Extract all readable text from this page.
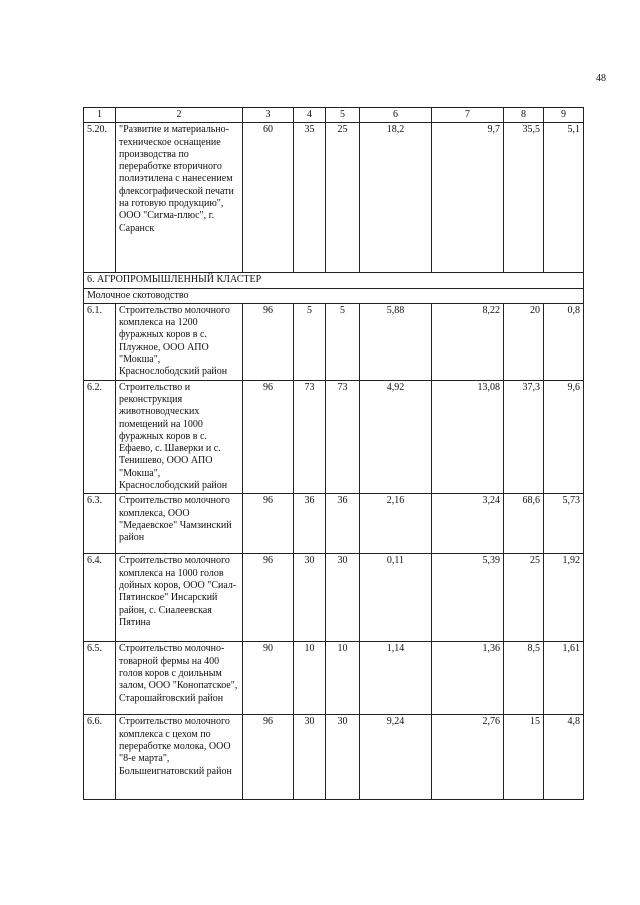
48
1	2	3	4	5	6	7	8	9
5.20.	"Развитие и материально-техническое оснащение производства по переработке вторичного полиэтилена с нанесением флексографической печати на готовую продукцию", ООО "Сигма-плюс", г. Саранск	60	35	25	18,2	9,7	35,5	5,1
6. АГРОПРОМЫШЛЕННЫЙ КЛАСТЕР								
Молочное скотоводство								
6.1.	Строительство молочного комплекса на 1200 фуражных коров в с. Плужное, ООО АПО "Мокша", Краснослободский район	96	5	5	5,88	8,22	20	0,8
6.2.	Строительство и реконструкция животноводческих помещений на 1000 фуражных коров в с. Ефаево, с. Шаверки и с. Тенишево, ООО АПО "Мокша", Краснослободский район	96	73	73	4,92	13,08	37,3	9,6
6.3.	Строительство молочного комплекса, ООО "Медаевское" Чамзинский район	96	36	36	2,16	3,24	68,6	5,73
6.4.	Строительство молочного комплекса на 1000 голов дойных коров, ООО "Сиал-Пятинское" Инсарский район, с. Сиалеевская Пятина	96	30	30	0,11	5,39	25	1,92
6.5.	Строительство молочно-товарной фермы на 400 голов коров с доильным залом, ООО "Конопатское", Старошайговский район	90	10	10	1,14	1,36	8,5	1,61
6.6.	Строительство молочного комплекса с цехом по переработке молока, ООО "8-е марта", Большеигнатовский район	96	30	30	9,24	2,76	15	4,8
